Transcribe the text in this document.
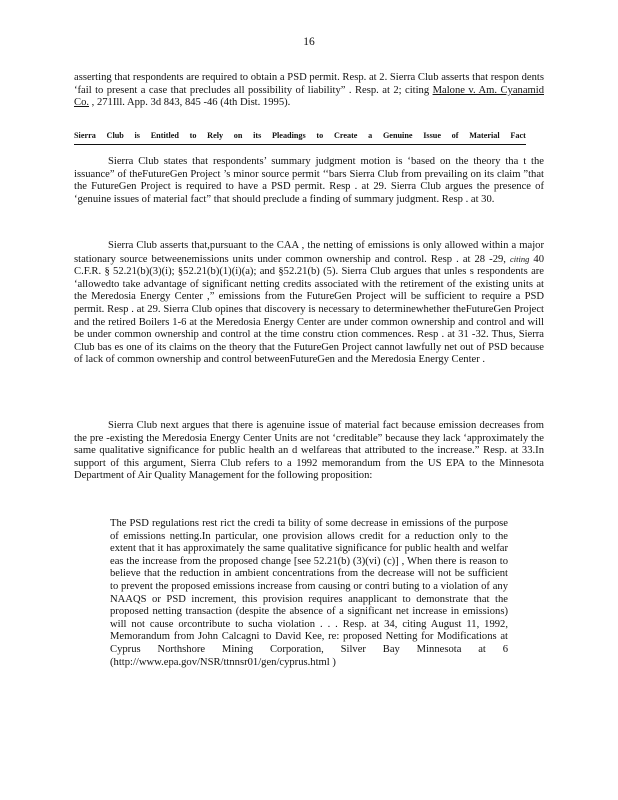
16

asserting that respondents are required to obtain a PSD permit. Resp. at 2. Sierra Club asserts that respon dents ‘fail to present a case that precludes all possibility of liability” . Resp. at 2; citing Malone v. Am. Cyanamid Co. , 271Ill. App. 3d 843, 845 -46 (4th Dist. 1995).

Sierra Club is Entitled to Rely on its Pleadings to Create a Genuine Issue of Material Fact

Sierra Club states that respondents’ summary judgment motion is ‘based on the theory tha t the issuance” of theFutureGen Project ’s minor source permit ‘‘bars Sierra Club from prevailing on its claim ”that the FutureGen Project is required to have a PSD permit. Resp . at 29. Sierra Club argues the presence of ‘genuine issues of material fact” that should preclude a finding of summary judgment. Resp . at 30.

Sierra Club asserts that,pursuant to the CAA , the netting of emissions is only allowed within a major stationary source betweenemissions units under common ownership and control. Resp . at 28 -29, citing 40 C.F.R. § 52.21(b)(3)(i); §52.21(b)(1)(i)(a); and §52.21(b) (5). Sierra Club argues that unles s respondents are ‘allowedto take advantage of significant netting credits associated with the retirement of the existing units at the Meredosia Energy Center ,” emissions from the FutureGen Project will be sufficient to require a PSD permit. Resp . at 29. Sierra Club opines that discovery is necessary to determinewhether theFutureGen Project and the retired Boilers 1-6 at the Meredosia Energy Center are under common ownership and control and will be under common ownership and control at the time constru ction commences. Resp . at 31 -32. Thus, Sierra Club bas es one of its claims on the theory that the FutureGen Project cannot lawfully net out of PSD because of lack of common ownership and control betweenFutureGen and the Meredosia Energy Center .

Sierra Club next argues that there is agenuine issue of material fact because emission decreases from the pre -existing the Meredosia Energy Center Units are not ‘creditable” because they lack ‘approximately the same qualitative significance for public health an d welfareas that attributed to the increase.” Resp. at 33.In support of this argument, Sierra Club refers to a 1992 memorandum from the US EPA to the Minnesota Department of Air Quality Management for the following proposition:

The PSD regulations rest rict the credi ta bility of some decrease in emissions of the purpose of emissions netting.In particular, one provision allows credit for a reduction only to the extent that it has approximately the same qualitative significance for public health and welfar eas the increase from the proposed change [see 52.21(b) (3)(vi) (c)] , When there is reason to believe that the reduction in ambient concentrations from the decrease will not be sufficient to prevent the proposed emissions increase from causing or contri buting to a violation of any NAAQS or PSD increment, this provision requires anapplicant to demonstrate that the proposed netting transaction (despite the absence of a significant net increase in emissions) will not cause orcontribute to sucha violation . . . Resp. at 34, citing August 11, 1992, Memorandum from John Calcagni to David Kee, re: proposed Netting for Modifications at Cyprus Northshore Mining Corporation, Silver Bay Minnesota at 6 (http://www.epa.gov/NSR/ttnnsr01/gen/cyprus.html )
